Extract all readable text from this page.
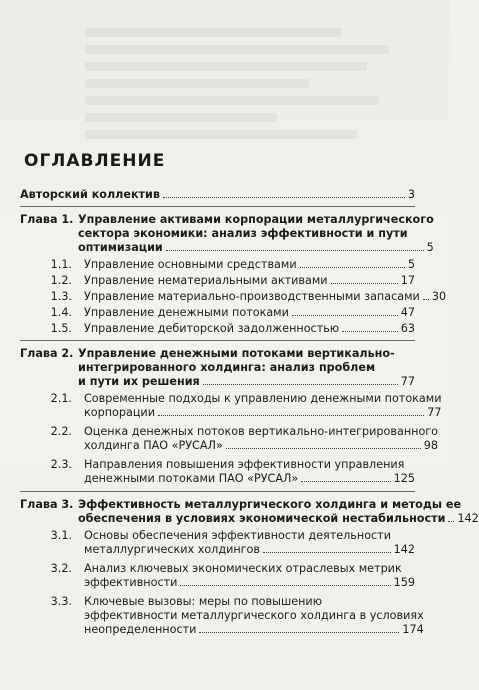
ОГЛАВЛЕНИЕ
Авторский коллектив	3
Глава 1. Управление активами корпорации металлургического
сектора экономики: анализ эффективности и пути
оптимизации	5
1.1.	Управление основными средствами	5
1.2.	Управление нематериальными активами	17
1.3.	Управление материально-производственными запасами 30
1.4.	Управление денежными потоками	47
1.5.	Управление дебиторской задолженностью	63
Глава 2. Управление денежными потоками вертикально-
интегрированного холдинга: анализ проблем
и пути их решения	77
2.1.	Современные подходы к управлению денежными потоками
корпорации	77
2.2.	Оценка денежных потоков вертикально-интегрированного
холдинга ПАО «РУСАЛ»	98
2.3.	Направления повышения эффективности управления
денежными потоками ПАО «РУСАЛ»	125
Глава 3. Эффективность металлургического холдинга и методы ее
обеспечения в условиях экономической нестабильности 142
3.1.	Основы обеспечения эффективности деятельности
металлургических холдингов	142
3.2.	Анализ ключевых экономических отраслевых метрик
эффективности	159
3.3.	Ключевые вызовы: меры по повышению
эффективности металлургического холдинга в условиях
неопределенности	174
